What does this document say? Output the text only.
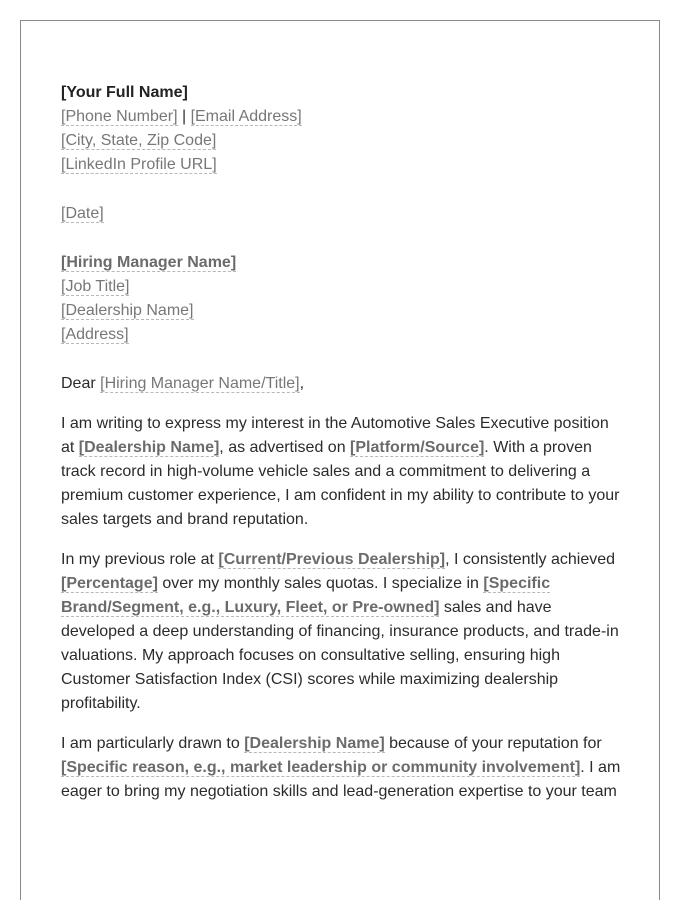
[Your Full Name]
[Phone Number] | [Email Address]
[City, State, Zip Code]
[LinkedIn Profile URL]
[Date]
[Hiring Manager Name]
[Job Title]
[Dealership Name]
[Address]
Dear [Hiring Manager Name/Title],

I am writing to express my interest in the Automotive Sales Executive position at [Dealership Name], as advertised on [Platform/Source]. With a proven track record in high-volume vehicle sales and a commitment to delivering a premium customer experience, I am confident in my ability to contribute to your sales targets and brand reputation.

In my previous role at [Current/Previous Dealership], I consistently achieved [Percentage] over my monthly sales quotas. I specialize in [Specific Brand/Segment, e.g., Luxury, Fleet, or Pre-owned] sales and have developed a deep understanding of financing, insurance products, and trade-in valuations. My approach focuses on consultative selling, ensuring high Customer Satisfaction Index (CSI) scores while maximizing dealership profitability.

I am particularly drawn to [Dealership Name] because of your reputation for [Specific reason, e.g., market leadership or community involvement]. I am eager to bring my negotiation skills and lead-generation expertise to your team
